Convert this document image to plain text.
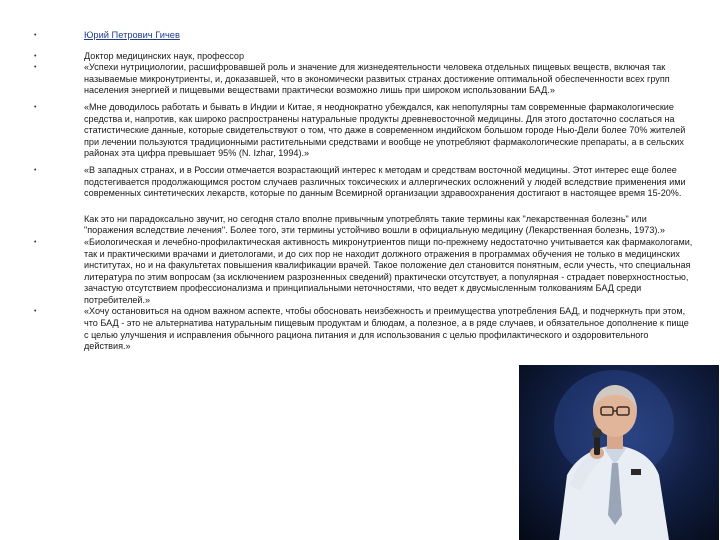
•	Юрий Петрович Гичев
•	Доктор медицинских наук, профессор
•	«Успехи нутрициологии, расшифровавшей роль и значение для жизнедеятельности человека отдельных пищевых веществ, включая так называемые микронутриенты, и, доказавшей, что в экономически развитых странах достижение оптимальной обеспеченности всех групп населения энергией и пищевыми веществами практически возможно лишь при широком использовании БАД.»
•	«Мне доводилось работать и бывать в Индии и Китае, я неоднократно убеждался, как непопулярны там современные фармакологические средства и, напротив, как широко распространены натуральные продукты древневосточной медицины. Для этого достаточно сослаться на статистические данные, которые свидетельствуют о том, что даже в современном индийском большом городе Нью-Дели более 70% жителей при лечении пользуются традиционными растительными средствами и вообще не употребляют фармакологические препараты, а в сельских районах эта цифра превышает 95% (N. Izhar, 1994).»
•	«В западных странах, и в России отмечается возрастающий интерес к методам и средствам восточной медицины. Этот интерес еще более подстегивается продолжающимся ростом случаев различных токсических и аллергических осложнений у людей вследствие применения ими современных синтетических лекарств, которые по данным Всемирной организации здравоохранения достигают в настоящее время 15-20%.

Как это ни парадоксально звучит, но сегодня стало вполне привычным употреблять такие термины как "лекарственная болезнь" или "поражения вследствие лечения". Более того, эти термины устойчиво вошли в официальную медицину (Лекарственная болезнь, 1973).»

•	«Биологическая и лечебно-профилактическая активность микронутриентов пищи по-прежнему недостаточно учитывается как фармакологами, так и практическими врачами и диетологами, и до сих пор не находит должного отражения в программах обучения не только в медицинских институтах, но и на факультетах повышения квалификации врачей. Такое положение дел становится понятным, если учесть, что специальная литература по этим вопросам (за исключением разрозненных сведений) практически отсутствует, а популярная - страдает поверхностностью, зачастую отсутствием профессионализма и принципиальными неточностями, что ведет к двусмысленным толкованиям БАД среди потребителей.»
•	«Хочу остановиться на одном важном аспекте, чтобы обосновать неизбежность и преимущества употребления БАД, и подчеркнуть при этом, что БАД - это не альтернатива натуральным пищевым продуктам и блюдам, а полезное, а в ряде случаев, и обязательное дополнение к пище с целью улучшения и исправления обычного рациона питания и для использования с целью профилактического и оздоровительного действия.»
